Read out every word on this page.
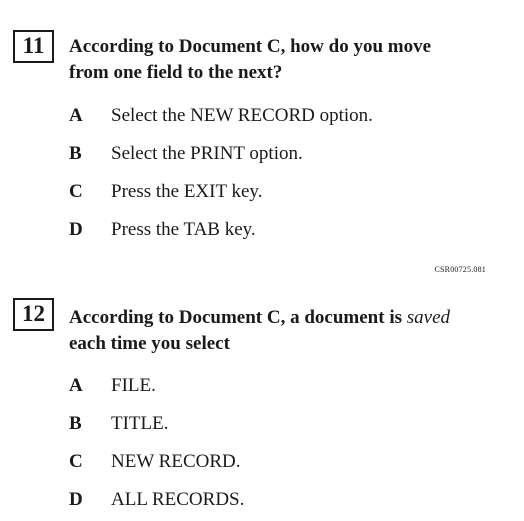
11	According to Document C, how do you move
from one field to the next?
A Select the NEW RECORD option.
B Select the PRINT option.
C Press the EXIT key.
D Press the TAB key.
CSR00725.081
12	According to Document C, a document is saved
each time you select
A FILE.
B TITLE.
C NEW RECORD.
D ALL RECORDS.
